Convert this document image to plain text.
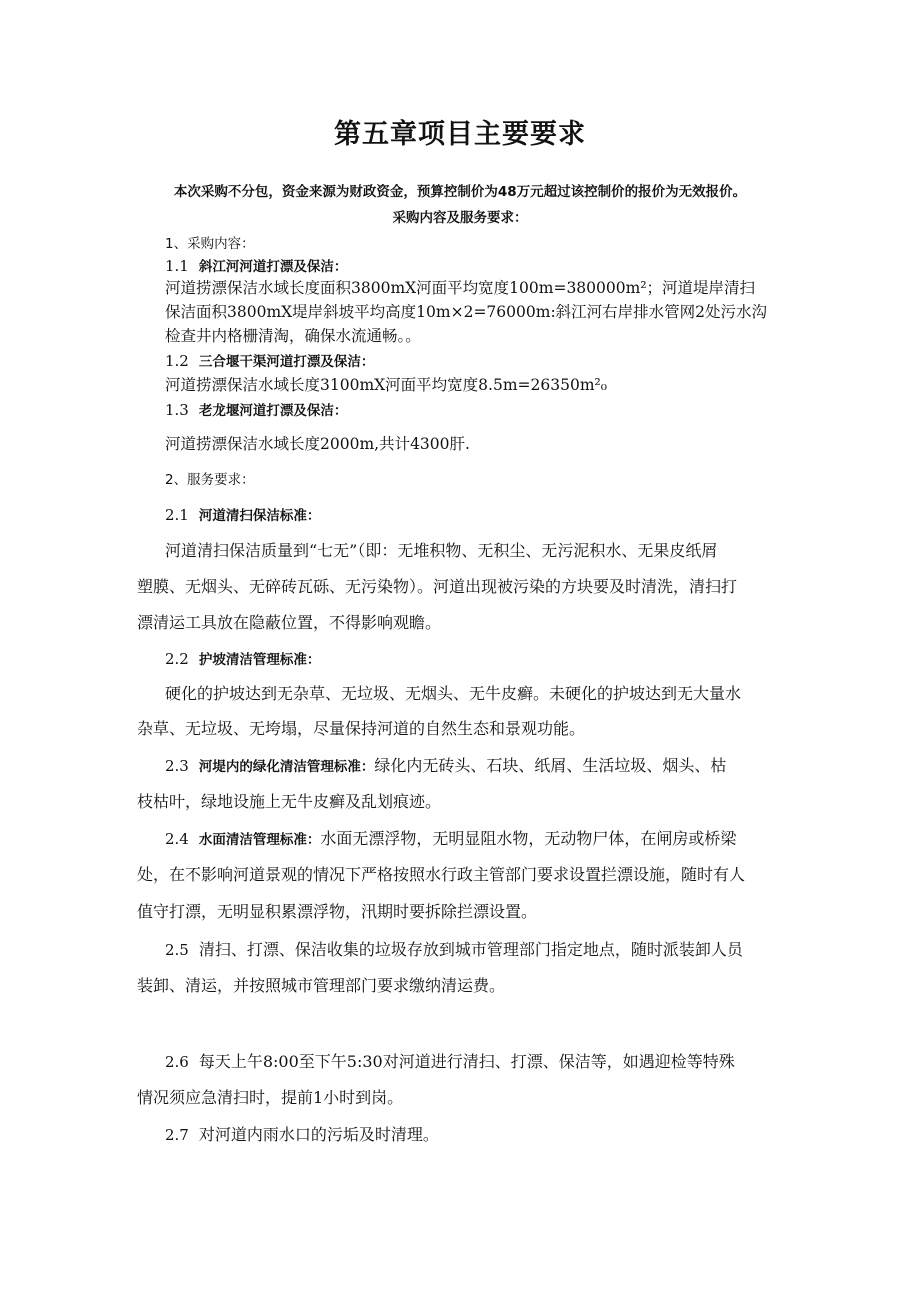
第五章项目主要要求
本次采购不分包，资金来源为财政资金，预算控制价为48万元超过该控制价的报价为无效报价。
采购内容及服务要求：
1、采购内容：
1.1 斜江河河道打漂及保洁：
河道捞漂保洁水域长度面积3800mX河面平均宽度100m=380000m²；河道堤岸清扫
保洁面积3800mX堤岸斜坡平均高度10m×2=76000m:斜江河右岸排水管网2处污水沟
检查井内格栅清淘，确保水流通畅。。
1.2 三合堰干渠河道打漂及保洁：
河道捞漂保洁水域长度3100mX河面平均宽度8.5m=26350m²₀
1.3 老龙堰河道打漂及保洁：
河道捞漂保洁水域长度2000m,共计4300肝.
2、服务要求：
2.1 河道清扫保洁标准：
河道清扫保洁质量到“七无”（即：无堆积物、无积尘、无污泥积水、无果皮纸屑
塑膜、无烟头、无碎砖瓦砾、无污染物）。河道出现被污染的方块要及时清洗，清扫打
漂清运工具放在隐蔽位置，不得影响观瞻。
2.2 护坡清洁管理标准：
硬化的护坡达到无杂草、无垃圾、无烟头、无牛皮癣。未硬化的护坡达到无大量水
杂草、无垃圾、无垮塌，尽量保持河道的自然生态和景观功能。
2.3 河堤内的绿化清洁管理标准：绿化内无砖头、石块、纸屑、生活垃圾、烟头、枯
枝枯叶，绿地设施上无牛皮癣及乱划痕迹。
2.4 水面清洁管理标准：水面无漂浮物，无明显阻水物，无动物尸体，在闸房或桥梁
处，在不影响河道景观的情况下严格按照水行政主管部门要求设置拦漂设施，随时有人
值守打漂，无明显积累漂浮物，汛期时要拆除拦漂设置。
2.5 清扫、打漂、保洁收集的垃圾存放到城市管理部门指定地点，随时派装卸人员
装卸、清运，并按照城市管理部门要求缴纳清运费。
2.6 每天上午8:00至下午5:30对河道进行清扫、打漂、保洁等，如遇迎检等特殊
情况须应急清扫时，提前1小时到岗。
2.7 对河道内雨水口的污垢及时清理。
